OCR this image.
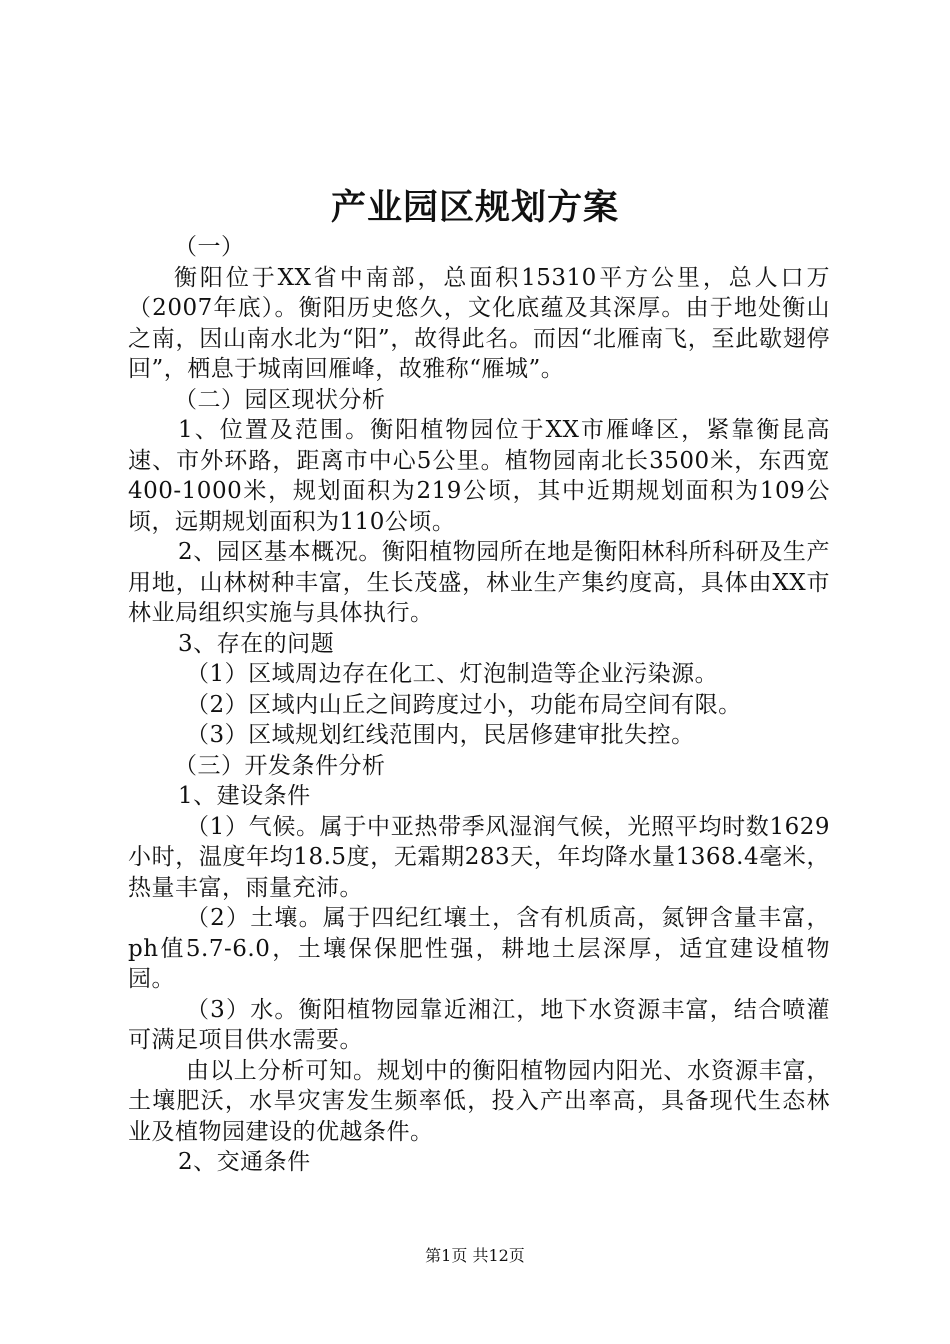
产业园区规划方案

（一）

衡阳位于XX省中南部，总面积15310平方公里，总人口万（2007年底）。衡阳历史悠久，文化底蕴及其深厚。由于地处衡山之南，因山南水北为“阳”，故得此名。而因“北雁南飞，至此歇翅停回”，栖息于城南回雁峰，故雅称“雁城”。

（二）园区现状分析

1、位置及范围。衡阳植物园位于XX市雁峰区，紧靠衡昆高速、市外环路，距离市中心5公里。植物园南北长3500米，东西宽400-1000米，规划面积为219公顷，其中近期规划面积为109公顷，远期规划面积为110公顷。

2、园区基本概况。衡阳植物园所在地是衡阳林科所科研及生产用地，山林树种丰富，生长茂盛，林业生产集约度高，具体由XX市林业局组织实施与具体执行。

3、存在的问题

（1）区域周边存在化工、灯泡制造等企业污染源。

（2）区域内山丘之间跨度过小，功能布局空间有限。

（3）区域规划红线范围内，民居修建审批失控。

（三）开发条件分析

1、建设条件

（1）气候。属于中亚热带季风湿润气候，光照平均时数1629小时，温度年均18.5度，无霜期283天，年均降水量1368.4毫米，热量丰富，雨量充沛。

（2）土壤。属于四纪红壤土，含有机质高，氮钾含量丰富，ph值5.7-6.0，土壤保保肥性强，耕地土层深厚，适宜建设植物园。

（3）水。衡阳植物园靠近湘江，地下水资源丰富，结合喷灌可满足项目供水需要。

由以上分析可知。规划中的衡阳植物园内阳光、水资源丰富，土壤肥沃，水旱灾害发生频率低，投入产出率高，具备现代生态林业及植物园建设的优越条件。

2、交通条件

第1页 共12页
